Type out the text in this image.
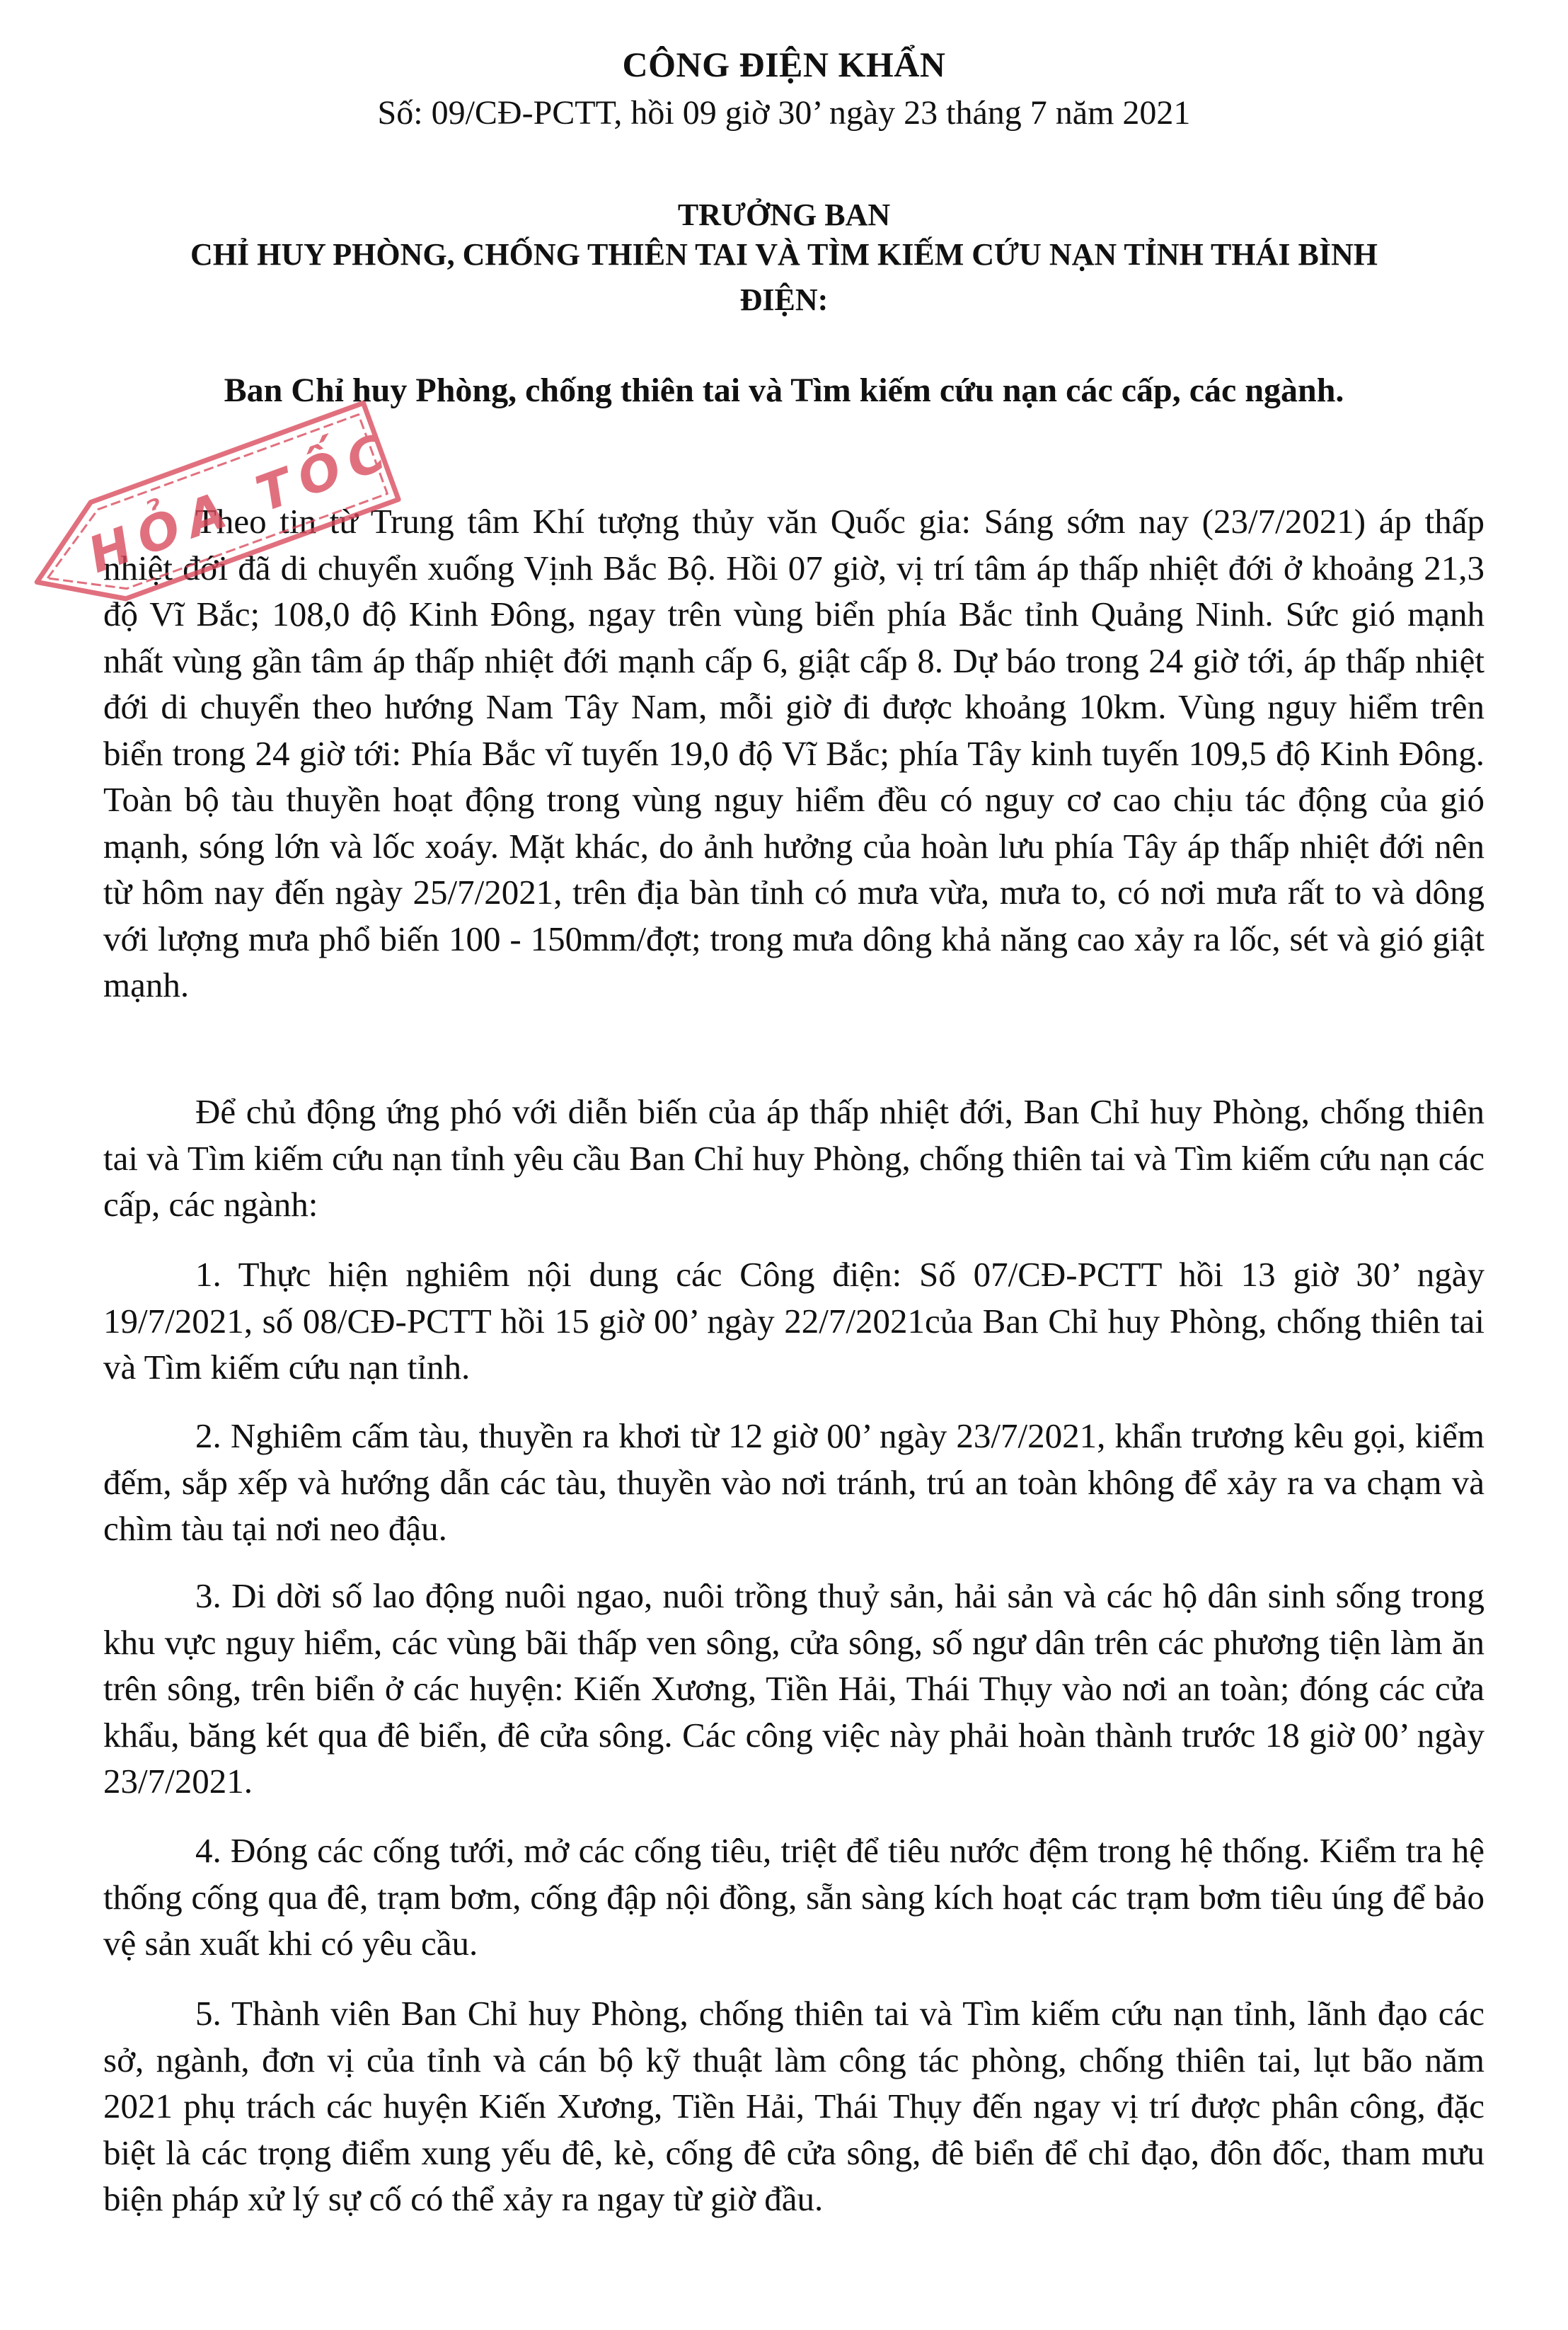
CÔNG ĐIỆN KHẨN
Số: 09/CĐ-PCTT, hồi 09 giờ 30’ ngày 23 tháng 7 năm 2021
TRƯỞNG BAN
CHỈ HUY PHÒNG, CHỐNG THIÊN TAI VÀ TÌM KIẾM CỨU NẠN TỈNH THÁI BÌNH
ĐIỆN:
Ban Chỉ huy Phòng, chống thiên tai và Tìm kiếm cứu nạn các cấp, các ngành.

Theo tin từ Trung tâm Khí tượng thủy văn Quốc gia: Sáng sớm nay (23/7/2021) áp thấp nhiệt đới đã di chuyển xuống Vịnh Bắc Bộ. Hồi 07 giờ, vị trí tâm áp thấp nhiệt đới ở khoảng 21,3 độ Vĩ Bắc; 108,0 độ Kinh Đông, ngay trên vùng biển phía Bắc tỉnh Quảng Ninh. Sức gió mạnh nhất vùng gần tâm áp thấp nhiệt đới mạnh cấp 6, giật cấp 8. Dự báo trong 24 giờ tới, áp thấp nhiệt đới di chuyển theo hướng Nam Tây Nam, mỗi giờ đi được khoảng 10km. Vùng nguy hiểm trên biển trong 24 giờ tới: Phía Bắc vĩ tuyến 19,0 độ Vĩ Bắc; phía Tây kinh tuyến 109,5 độ Kinh Đông. Toàn bộ tàu thuyền hoạt động trong vùng nguy hiểm đều có nguy cơ cao chịu tác động của gió mạnh, sóng lớn và lốc xoáy. Mặt khác, do ảnh hưởng của hoàn lưu phía Tây áp thấp nhiệt đới nên từ hôm nay đến ngày 25/7/2021, trên địa bàn tỉnh có mưa vừa, mưa to, có nơi mưa rất to và dông với lượng mưa phổ biến 100 - 150mm/đợt; trong mưa dông khả năng cao xảy ra lốc, sét và gió giật mạnh.

Để chủ động ứng phó với diễn biến của áp thấp nhiệt đới, Ban Chỉ huy Phòng, chống thiên tai và Tìm kiếm cứu nạn tỉnh yêu cầu Ban Chỉ huy Phòng, chống thiên tai và Tìm kiếm cứu nạn các cấp, các ngành:

1. Thực hiện nghiêm nội dung các Công điện: Số 07/CĐ-PCTT hồi 13 giờ 30’ ngày 19/7/2021, số 08/CĐ-PCTT hồi 15 giờ 00’ ngày 22/7/2021của Ban Chỉ huy Phòng, chống thiên tai và Tìm kiếm cứu nạn tỉnh.

2. Nghiêm cấm tàu, thuyền ra khơi từ 12 giờ 00’ ngày 23/7/2021, khẩn trương kêu gọi, kiểm đếm, sắp xếp và hướng dẫn các tàu, thuyền vào nơi tránh, trú an toàn không để xảy ra va chạm và chìm tàu tại nơi neo đậu.

3. Di dời số lao động nuôi ngao, nuôi trồng thuỷ sản, hải sản và các hộ dân sinh sống trong khu vực nguy hiểm, các vùng bãi thấp ven sông, cửa sông, số ngư dân trên các phương tiện làm ăn trên sông, trên biển ở các huyện: Kiến Xương, Tiền Hải, Thái Thụy vào nơi an toàn; đóng các cửa khẩu, băng két qua đê biển, đê cửa sông. Các công việc này phải hoàn thành trước 18 giờ 00’ ngày 23/7/2021.

4. Đóng các cống tưới, mở các cống tiêu, triệt để tiêu nước đệm trong hệ thống. Kiểm tra hệ thống cống qua đê, trạm bơm, cống đập nội đồng, sẵn sàng kích hoạt các trạm bơm tiêu úng để bảo vệ sản xuất khi có yêu cầu.

5. Thành viên Ban Chỉ huy Phòng, chống thiên tai và Tìm kiếm cứu nạn tỉnh, lãnh đạo các sở, ngành, đơn vị của tỉnh và cán bộ kỹ thuật làm công tác phòng, chống thiên tai, lụt bão năm 2021 phụ trách các huyện Kiến Xương, Tiền Hải, Thái Thụy đến ngay vị trí được phân công, đặc biệt là các trọng điểm xung yếu đê, kè, cống đê cửa sông, đê biển để chỉ đạo, đôn đốc, tham mưu biện pháp xử lý sự cố có thể xảy ra ngay từ giờ đầu.

HỎA TỐC
